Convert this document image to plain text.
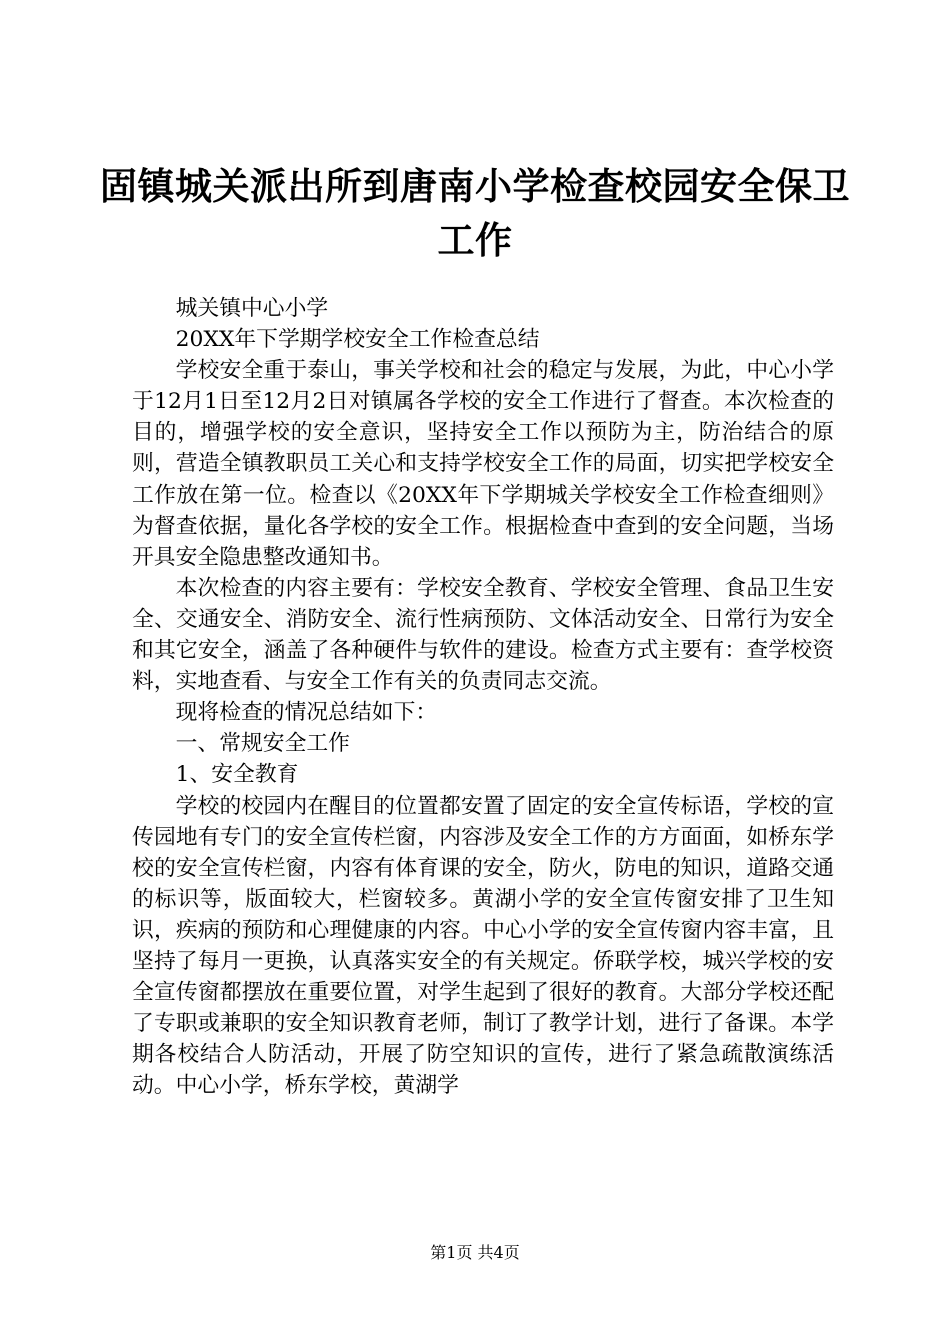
固镇城关派出所到唐南小学检查校园安全保卫工作

城关镇中心小学

20XX年下学期学校安全工作检查总结

学校安全重于泰山，事关学校和社会的稳定与发展，为此，中心小学于12月1日至12月2日对镇属各学校的安全工作进行了督查。本次检查的目的，增强学校的安全意识，坚持安全工作以预防为主，防治结合的原则，营造全镇教职员工关心和支持学校安全工作的局面，切实把学校安全工作放在第一位。检查以《20XX年下学期城关学校安全工作检查细则》为督查依据，量化各学校的安全工作。根据检查中查到的安全问题，当场开具安全隐患整改通知书。

本次检查的内容主要有：学校安全教育、学校安全管理、食品卫生安全、交通安全、消防安全、流行性病预防、文体活动安全、日常行为安全和其它安全，涵盖了各种硬件与软件的建设。检查方式主要有：查学校资料，实地查看、与安全工作有关的负责同志交流。

现将检查的情况总结如下：

一、常规安全工作

1、安全教育

学校的校园内在醒目的位置都安置了固定的安全宣传标语，学校的宣传园地有专门的安全宣传栏窗，内容涉及安全工作的方方面面，如桥东学校的安全宣传栏窗，内容有体育课的安全，防火，防电的知识，道路交通的标识等，版面较大，栏窗较多。黄湖小学的安全宣传窗安排了卫生知识，疾病的预防和心理健康的内容。中心小学的安全宣传窗内容丰富，且坚持了每月一更换，认真落实安全的有关规定。侨联学校，城兴学校的安全宣传窗都摆放在重要位置，对学生起到了很好的教育。大部分学校还配了专职或兼职的安全知识教育老师，制订了教学计划，进行了备课。本学期各校结合人防活动，开展了防空知识的宣传，进行了紧急疏散演练活动。中心小学，桥东学校，黄湖学

第1页 共4页
